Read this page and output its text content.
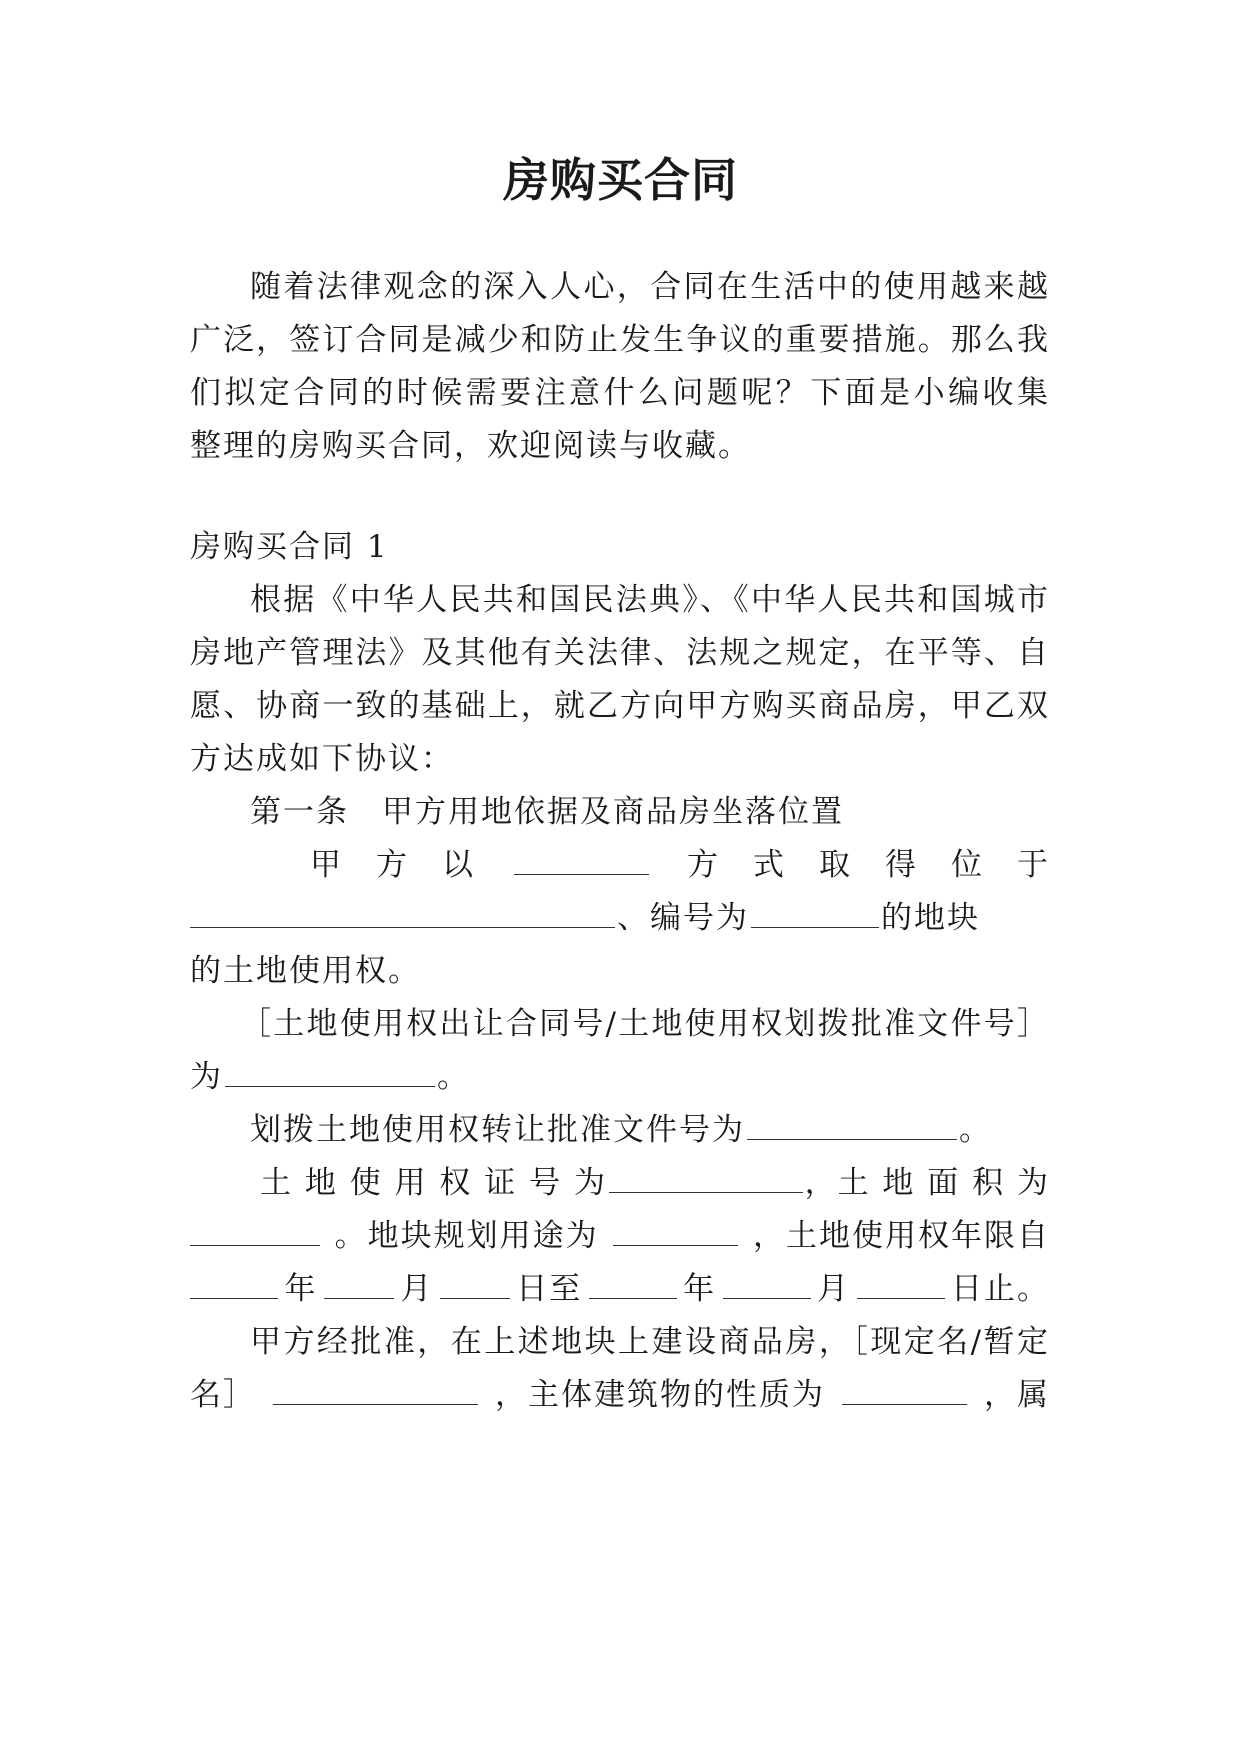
房购买合同
随着法律观念的深入人心，合同在生活中的使用越来越
广泛，签订合同是减少和防止发生争议的重要措施。那么我
们拟定合同的时候需要注意什么问题呢？下面是小编收集
整理的房购买合同，欢迎阅读与收藏。
房购买合同 1
根据《中华人民共和国民法典》、《中华人民共和国城市
房地产管理法》及其他有关法律、法规之规定，在平等、自
愿、协商一致的基础上，就乙方向甲方购买商品房，甲乙双
方达成如下协议：
第一条　甲方用地依据及商品房坐落位置
甲　方　以	方　式　取　得　位　于
、编号为	的地块
的土地使用权。
［土地使用权出让合同号/土地使用权划拨批准文件号］
为	。
划拨土地使用权转让批准文件号为	。
土 地 使 用 权 证 号 为	，土 地 面 积 为
。地块规划用途为	，土地使用权年限自
年	月	日至	年	月	日止。
甲方经批准，在上述地块上建设商品房，［现定名/暂定
名］	，主体建筑物的性质为	，属
